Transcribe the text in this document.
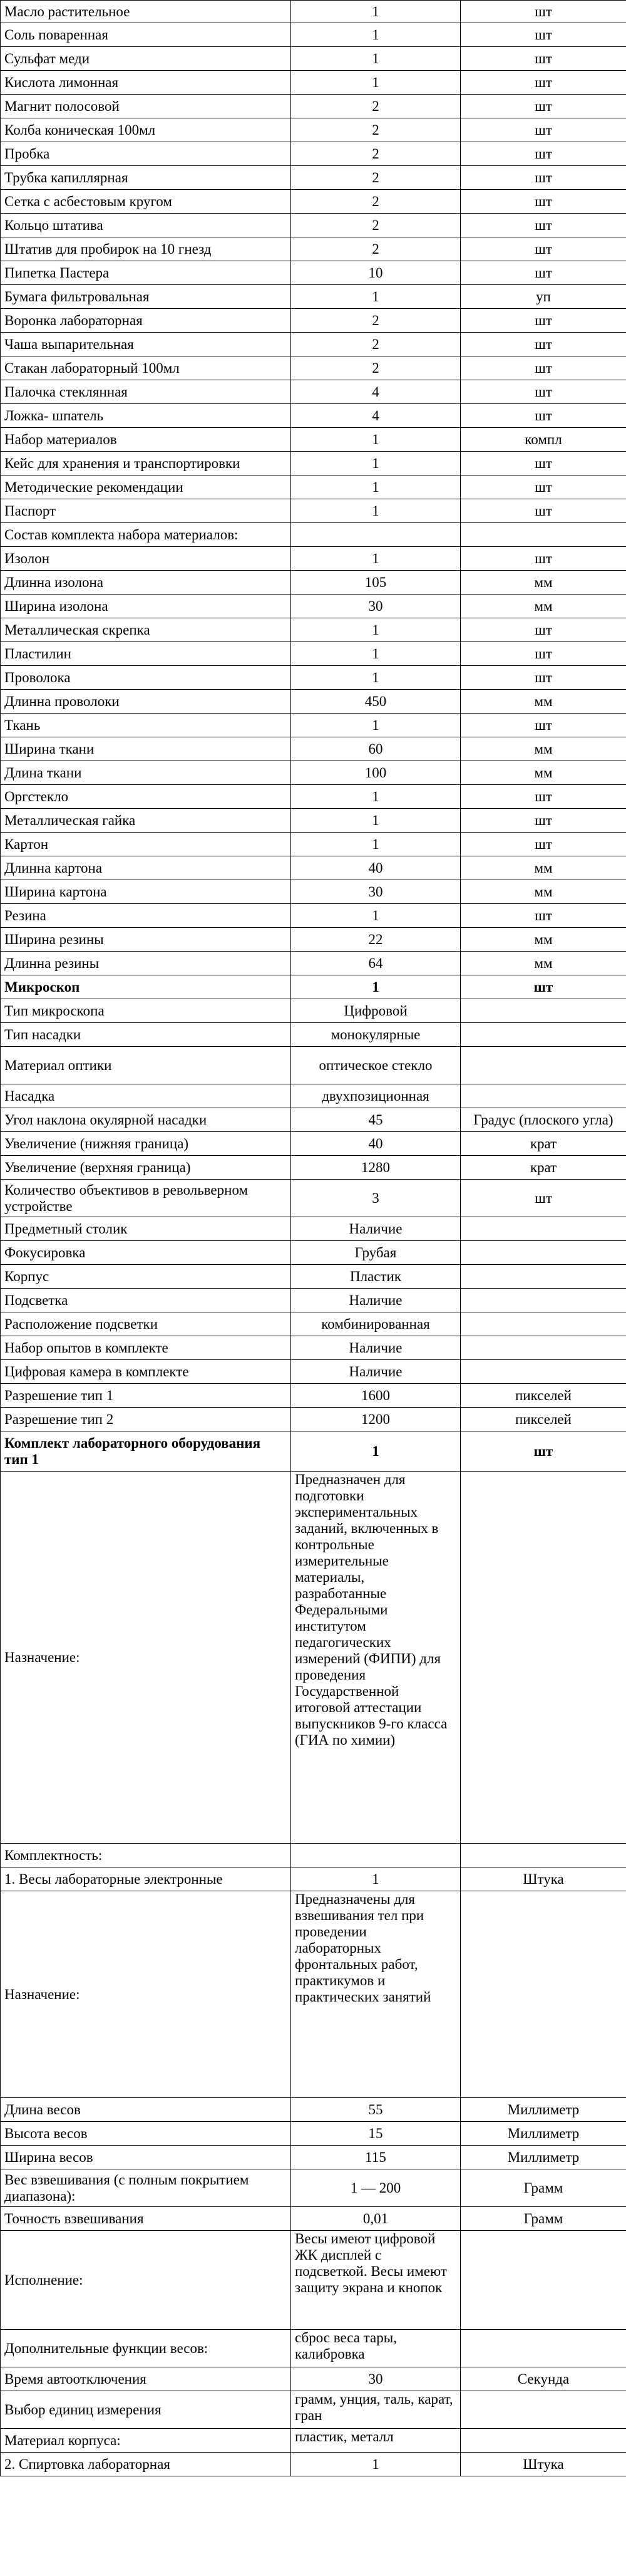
Масло растительное	1	шт
Соль поваренная	1	шт
Сульфат меди	1	шт
Кислота лимонная	1	шт
Магнит полосовой	2	шт
Колба коническая 100мл	2	шт
Пробка	2	шт
Трубка капиллярная	2	шт
Сетка с асбестовым кругом	2	шт
Кольцо штатива	2	шт
Штатив для пробирок на 10 гнезд	2	шт
Пипетка Пастера	10	шт
Бумага фильтровальная	1	уп
Воронка лабораторная	2	шт
Чаша выпарительная	2	шт
Стакан лабораторный 100мл	2	шт
Палочка стеклянная	4	шт
Ложка- шпатель	4	шт
Набор материалов	1	компл
Кейс для хранения и транспортировки	1	шт
Методические рекомендации	1	шт
Паспорт	1	шт
Состав комплекта набора материалов:		
Изолон	1	шт
Длинна изолона	105	мм
Ширина изолона	30	мм
Металлическая скрепка	1	шт
Пластилин	1	шт
Проволока	1	шт
Длинна проволоки	450	мм
Ткань	1	шт
Ширина ткани	60	мм
Длина ткани	100	мм
Оргстекло	1	шт
Металлическая гайка	1	шт
Картон	1	шт
Длинна картона	40	мм
Ширина картона	30	мм
Резина	1	шт
Ширина резины	22	мм
Длинна резины	64	мм
Микроскоп	1	шт
Тип микроскопа	Цифровой	
Тип насадки	монокулярные	
Материал оптики	оптическое стекло	
Насадка	двухпозиционная	
Угол наклона окулярной насадки	45	Градус (плоского угла)
Увеличение (нижняя граница)	40	крат
Увеличение (верхняя граница)	1280	крат
Количество объективов в револьверном устройстве	3	шт
Предметный столик	Наличие	
Фокусировка	Грубая	
Корпус	Пластик	
Подсветка	Наличие	
Расположение подсветки	комбинированная	
Набор опытов в комплекте	Наличие	
Цифровая камера в комплекте	Наличие	
Разрешение тип 1	1600	пикселей
Разрешение тип 2	1200	пикселей
Комплект лабораторного оборудования тип 1	1	шт
Назначение:	Предназначен для подготовки экспериментальных заданий, включенных в контрольные измерительные материалы, разработанные Федеральными институтом педагогических измерений (ФИПИ) для проведения Государственной итоговой аттестации выпускников 9-го класса (ГИА по химии)	
Комплектность:		
1. Весы лабораторные электронные	1	Штука
Назначение:	Предназначены для взвешивания тел при проведении лабораторных фронтальных работ, практикумов и практических занятий	
Длина весов	55	Миллиметр
Высота весов	15	Миллиметр
Ширина весов	115	Миллиметр
Вес взвешивания (с полным покрытием диапазона):	1 — 200	Грамм
Точность взвешивания	0,01	Грамм
Исполнение:	Весы имеют цифровой ЖК дисплей с подсветкой. Весы имеют защиту экрана и кнопок	
Дополнительные функции весов:	сброс веса тары, калибровка	
Время автоотключения	30	Секунда
Выбор единиц измерения	грамм, унция, таль, карат, гран	
Материал корпуса:	пластик, металл	
2. Спиртовка лабораторная	1	Штука
